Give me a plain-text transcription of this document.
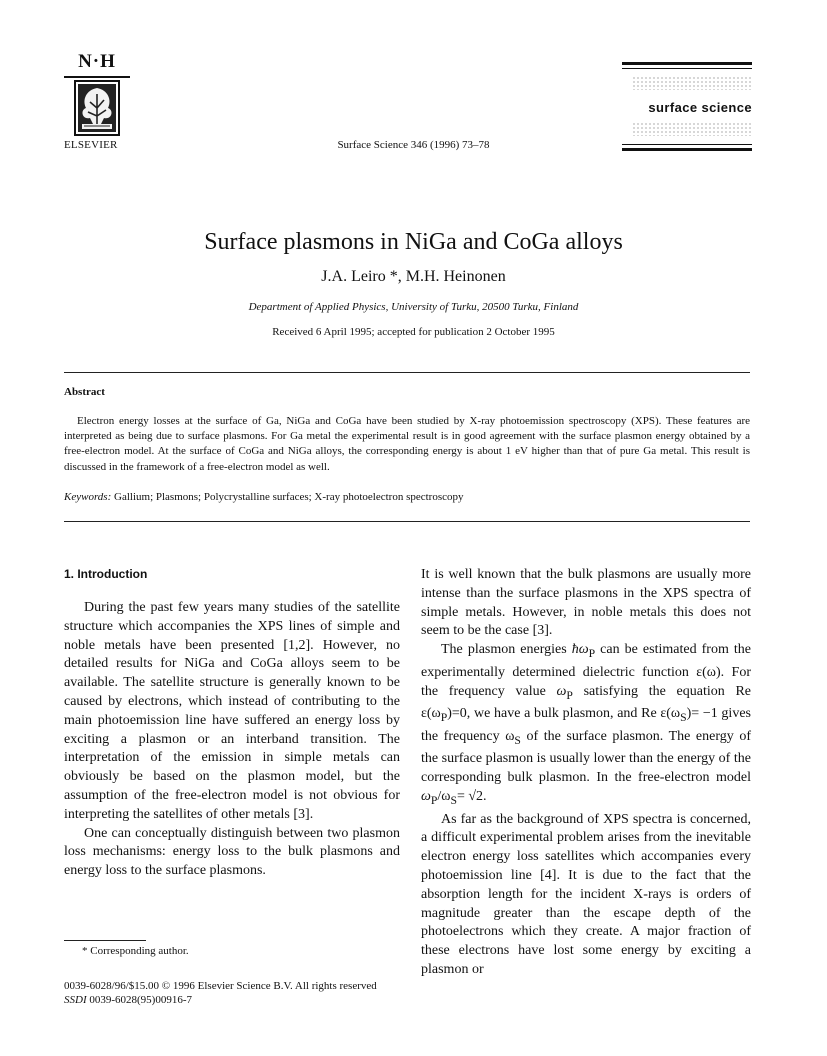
N·H
ELSEVIER	Surface Science 346 (1996) 73–78
surface science
Surface plasmons in NiGa and CoGa alloys
J.A. Leiro *, M.H. Heinonen
Department of Applied Physics, University of Turku, 20500 Turku, Finland
Received 6 April 1995; accepted for publication 2 October 1995
Abstract

Electron energy losses at the surface of Ga, NiGa and CoGa have been studied by X-ray photoemission spectroscopy (XPS). These features are interpreted as being due to surface plasmons. For Ga metal the experimental result is in good agreement with the surface plasmon energy obtained by a free-electron model. At the surface of CoGa and NiGa alloys, the corresponding energy is about 1 eV higher than that of pure Ga metal. This result is discussed in the framework of a free-electron model as well.

Keywords: Gallium; Plasmons; Polycrystalline surfaces; X-ray photoelectron spectroscopy
1. Introduction

During the past few years many studies of the satellite structure which accompanies the XPS lines of simple and noble metals have been presented [1,2]. However, no detailed results for NiGa and CoGa alloys seem to be available. The satellite structure is generally known to be caused by electrons, which instead of contributing to the main photoemission line have suffered an energy loss by exciting a plasmon or an interband transition. The interpretation of the emission in simple metals can obviously be based on the plasmon model, but the assumption of the free-electron model is not obvious for interpreting the satellites of other metals [3].

One can conceptually distinguish between two plasmon loss mechanisms: energy loss to the bulk plasmons and energy loss to the surface plasmons.

It is well known that the bulk plasmons are usually more intense than the surface plasmons in the XPS spectra of simple metals. However, in noble metals this does not seem to be the case [3].

The plasmon energies $ħ\omega_P$ can be estimated from the experimentally determined dielectric function ε(ω). For the frequency value $\omega_P$ satisfying the equation Re $\varepsilon(\omega_P)=0$, we have a bulk plasmon, and Re $\varepsilon(\omega_S)= -1$ gives the frequency $\omega_S$ of the surface plasmon. The energy of the surface plasmon is usually lower than the energy of the corresponding bulk plasmon. In the free-electron model $\omega_P/\omega_S= √2$.

As far as the background of XPS spectra is concerned, a difficult experimental problem arises from the inevitable electron energy loss satellites which accompanies every photoemission line [4]. It is due to the fact that the absorption length for the incident X-rays is orders of magnitude greater than the escape depth of the photoelectrons which they create. A major fraction of these electrons have lost some energy by exciting a plasmon or

* Corresponding author.
0039-6028/96/$15.00 © 1996 Elsevier Science B.V. All rights reserved
SSDI 0039-6028(95)00916-7
